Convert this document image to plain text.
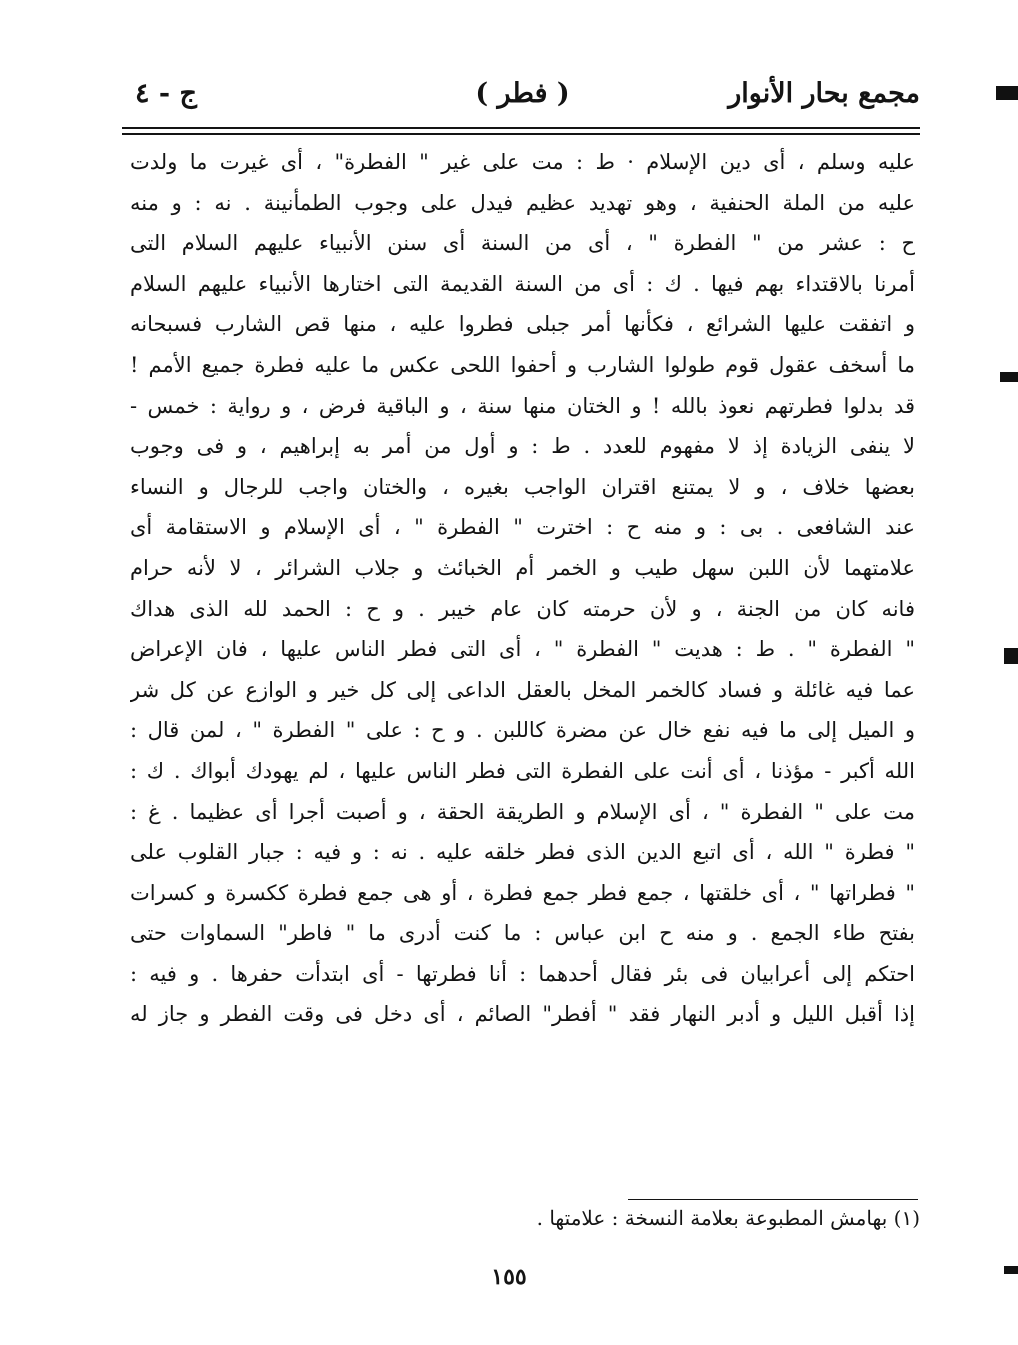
مجمع بحار الأنوار
( فطر )
ج - ٤
عليه وسلم ، أى دين الإسلام · ط : مت على غير " الفطرة" ، أى غيرت ما ولدت
عليه من الملة الحنفية ، وهو تهديد عظيم فيدل على وجوب الطمأنينة . نه : و منه
ح : عشر من " الفطرة " ، أى من السنة أى سنن الأنبياء عليهم السلام التى
أمرنا بالاقتداء بهم فيها . ك : أى من السنة القديمة التى اختارها الأنبياء عليهم السلام
و اتفقت عليها الشرائع ، فكأنها أمر جبلى فطروا عليه ، منها قص الشارب فسبحانه
ما أسخف عقول قوم طولوا الشارب و أحفوا اللحى عكس ما عليه فطرة جميع الأمم !
قد بدلوا فطرتهم نعوذ بالله ! و الختان منها سنة ، و الباقية فرض ، و رواية : خمس -
لا ينفى الزيادة إذ لا مفهوم للعدد . ط : و أول من أمر به إبراهيم ، و فى وجوب
بعضها خلاف ، و لا يمتنع اقتران الواجب بغيره ، والختان واجب للرجال و النساء
عند الشافعى . بى : و منه ح : اخترت " الفطرة " ، أى الإسلام و الاستقامة أى
علامتهما لأن اللبن سهل طيب و الخمر أم الخبائث و جلاب الشرائر ، لا لأنه حرام
فانه كان من الجنة ، و لأن حرمته كان عام خيبر . و ح : الحمد لله الذى هداك
" الفطرة " . ط : هديت " الفطرة " ، أى التى فطر الناس عليها ، فان الإعراض
عما فيه غائلة و فساد كالخمر المخل بالعقل الداعى إلى كل خير و الوازع عن كل شر
و الميل إلى ما فيه نفع خال عن مضرة كاللبن . و ح : على " الفطرة " ، لمن قال :
الله أكبر - مؤذنا ، أى أنت على الفطرة التى فطر الناس عليها ، لم يهودك أبواك . ك :
مت على " الفطرة " ، أى الإسلام و الطريقة الحقة ، و أصبت أجرا أى عظيما . غ :
" فطرة " الله ، أى اتبع الدين الذى فطر خلقه عليه . نه : و فيه : جبار القلوب على
" فطراتها " ، أى خلقتها ، جمع فطر جمع فطرة ، أو هى جمع فطرة ككسرة و كسرات
بفتح طاء الجمع . و منه ح ابن عباس : ما كنت أدرى ما " فاطر" السماوات حتى
احتكم إلى أعرابيان فى بئر فقال أحدهما : أنا فطرتها - أى ابتدأت حفرها . و فيه :
إذا أقبل الليل و أدبر النهار فقد " أفطر" الصائم ، أى دخل فى وقت الفطر و جاز له
(١) بهامش المطبوعة بعلامة النسخة : علامتها .
١٥٥
